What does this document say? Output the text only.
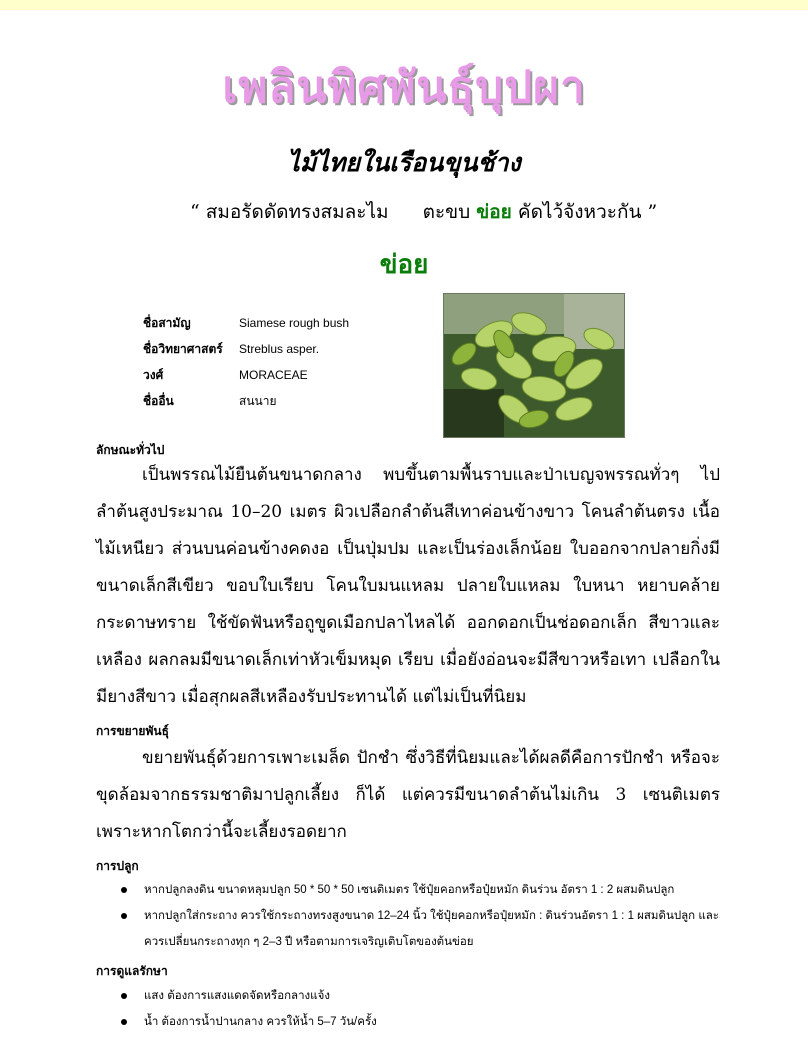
เพลินพิศพันธุ์บุปผา
ไม้ไทยในเรือนขุนช้าง
“ สมอรัดดัดทรงสมละไม ตะขบ ข่อย คัดไว้จังหวะกัน ”
ข่อย
ชื่อสามัญ	Siamese rough bush
ชื่อวิทยาศาสตร์	Streblus asper.
วงศ์	MORACEAE
ชื่ออื่น	สนนาย
ลักษณะทั่วไป
เป็นพรรณไม้ยืนต้นขนาดกลาง พบขึ้นตามพื้นราบและป่าเบญจพรรณทั่วๆ ไปลำต้นสูงประมาณ 10–20 เมตร ผิวเปลือกลำต้นสีเทาค่อนข้างขาว โคนลำต้นตรง เนื้อไม้เหนียว ส่วนบนค่อนข้างคดงอ เป็นปุ่มปม และเป็นร่องเล็กน้อย ใบออกจากปลายกิ่งมีขนาดเล็กสีเขียว ขอบใบเรียบ โคนใบมนแหลม ปลายใบแหลม ใบหนา หยาบคล้ายกระดาษทราย ใช้ขัดฟันหรือถูขูดเมือกปลาไหลได้ ออกดอกเป็นช่อดอกเล็ก สีขาวและเหลือง ผลกลมมีขนาดเล็กเท่าหัวเข็มหมุด เรียบ เมื่อยังอ่อนจะมีสีขาวหรือเทา เปลือกในมียางสีขาว เมื่อสุกผลสีเหลืองรับประทานได้ แต่ไม่เป็นที่นิยม
การขยายพันธุ์
ขยายพันธุ์ด้วยการเพาะเมล็ด ปักชำ ซึ่งวิธีที่นิยมและได้ผลดีคือการปักชำ หรือจะขุดล้อมจากธรรมชาติมาปลูกเลี้ยง ก็ได้ แต่ควรมีขนาดลำต้นไม่เกิน 3 เซนติเมตร เพราะหากโตกว่านี้จะเลี้ยงรอดยาก
การปลูก
หากปลูกลงดิน ขนาดหลุมปลูก 50 * 50 * 50 เซนติเมตร ใช้ปุ๋ยคอกหรือปุ๋ยหมัก ดินร่วน อัตรา 1 : 2 ผสมดินปลูก
หากปลูกใส่กระถาง ควรใช้กระถางทรงสูงขนาด 12–24 นิ้ว ใช้ปุ๋ยคอกหรือปุ๋ยหมัก : ดินร่วนอัตรา 1 : 1 ผสมดินปลูก และควรเปลี่ยนกระถางทุก ๆ 2–3 ปี หรือตามการเจริญเติบโตของต้นข่อย
การดูแลรักษา
แสง ต้องการแสงแดดจัดหรือกลางแจ้ง
น้ำ ต้องการน้ำปานกลาง ควรให้น้ำ 5–7 วัน/ครั้ง
